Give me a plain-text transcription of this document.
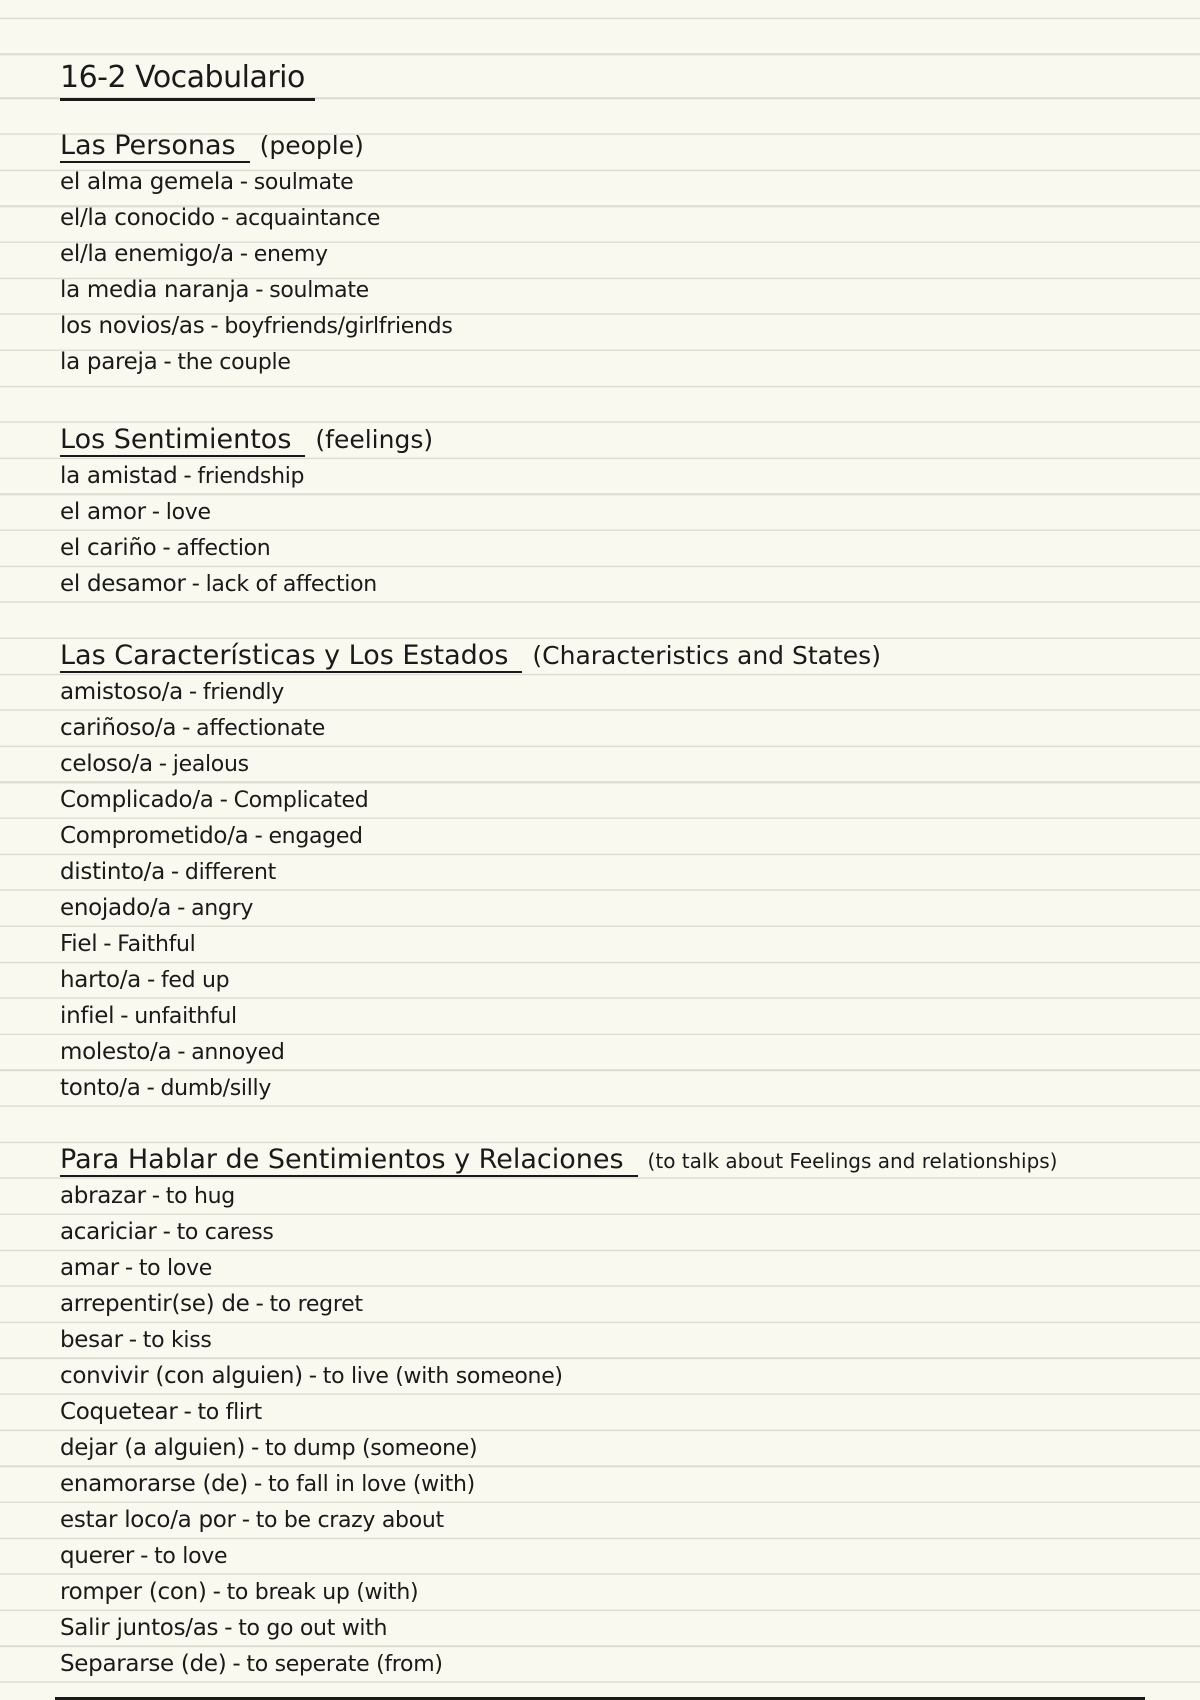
16-2 Vocabulario
Las Personas (people)
el alma gemela - soulmate
el/la conocido - acquaintance
el/la enemigo/a - enemy
la media naranja - soulmate
los novios/as - boyfriends/girlfriends
la pareja - the couple
Los Sentimientos (feelings)
la amistad - friendship
el amor - love
el cariño - affection
el desamor - lack of affection
Las Características y Los Estados (Characteristics and States)
amistoso/a - friendly
cariñoso/a - affectionate
celoso/a - jealous
Complicado/a - Complicated
Comprometido/a - engaged
distinto/a - different
enojado/a - angry
Fiel - Faithful
harto/a - fed up
infiel - unfaithful
molesto/a - annoyed
tonto/a - dumb/silly
Para Hablar de Sentimientos y Relaciones (to talk about Feelings and relationships)
abrazar - to hug
acariciar - to caress
amar - to love
arrepentir(se) de - to regret
besar - to kiss
convivir (con alguien) - to live (with someone)
Coquetear - to flirt
dejar (a alguien) - to dump (someone)
enamorarse (de) - to fall in love (with)
estar loco/a por - to be crazy about
querer - to love
romper (con) - to break up (with)
Salir juntos/as - to go out with
Separarse (de) - to seperate (from)
